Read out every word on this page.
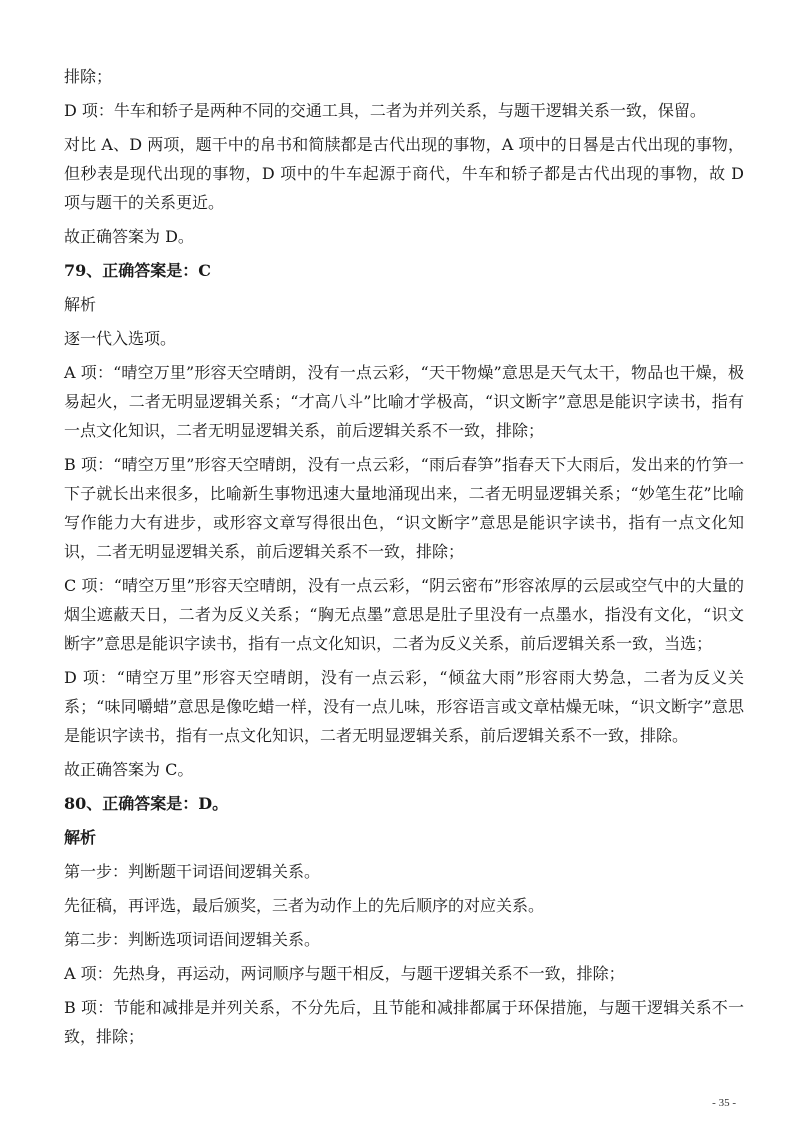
排除；

D 项：牛车和轿子是两种不同的交通工具，二者为并列关系，与题干逻辑关系一致，保留。

对比 A、D 两项，题干中的帛书和简牍都是古代出现的事物，A 项中的日晷是古代出现的事物，但秒表是现代出现的事物，D 项中的牛车起源于商代，牛车和轿子都是古代出现的事物，故 D 项与题干的关系更近。

故正确答案为 D。

79、正确答案是：C

解析

逐一代入选项。

A 项：“晴空万里”形容天空晴朗，没有一点云彩，“天干物燥”意思是天气太干，物品也干燥，极易起火，二者无明显逻辑关系；“才高八斗”比喻才学极高，“识文断字”意思是能识字读书，指有一点文化知识，二者无明显逻辑关系，前后逻辑关系不一致，排除；

B 项：“晴空万里”形容天空晴朗，没有一点云彩，“雨后春笋”指春天下大雨后，发出来的竹笋一下子就长出来很多，比喻新生事物迅速大量地涌现出来，二者无明显逻辑关系；“妙笔生花”比喻写作能力大有进步，或形容文章写得很出色，“识文断字”意思是能识字读书，指有一点文化知识，二者无明显逻辑关系，前后逻辑关系不一致，排除；

C 项：“晴空万里”形容天空晴朗，没有一点云彩，“阴云密布”形容浓厚的云层或空气中的大量的烟尘遮蔽天日，二者为反义关系；“胸无点墨”意思是肚子里没有一点墨水，指没有文化，“识文断字”意思是能识字读书，指有一点文化知识，二者为反义关系，前后逻辑关系一致，当选；

D 项：“晴空万里”形容天空晴朗，没有一点云彩，“倾盆大雨”形容雨大势急，二者为反义关系；“味同嚼蜡”意思是像吃蜡一样，没有一点儿味，形容语言或文章枯燥无味，“识文断字”意思是能识字读书，指有一点文化知识，二者无明显逻辑关系，前后逻辑关系不一致，排除。

故正确答案为 C。

80、正确答案是：D。

解析

第一步：判断题干词语间逻辑关系。

先征稿，再评选，最后颁奖，三者为动作上的先后顺序的对应关系。

第二步：判断选项词语间逻辑关系。

A 项：先热身，再运动，两词顺序与题干相反，与题干逻辑关系不一致，排除；

B 项：节能和减排是并列关系，不分先后，且节能和减排都属于环保措施，与题干逻辑关系不一致，排除；

- 35 -
